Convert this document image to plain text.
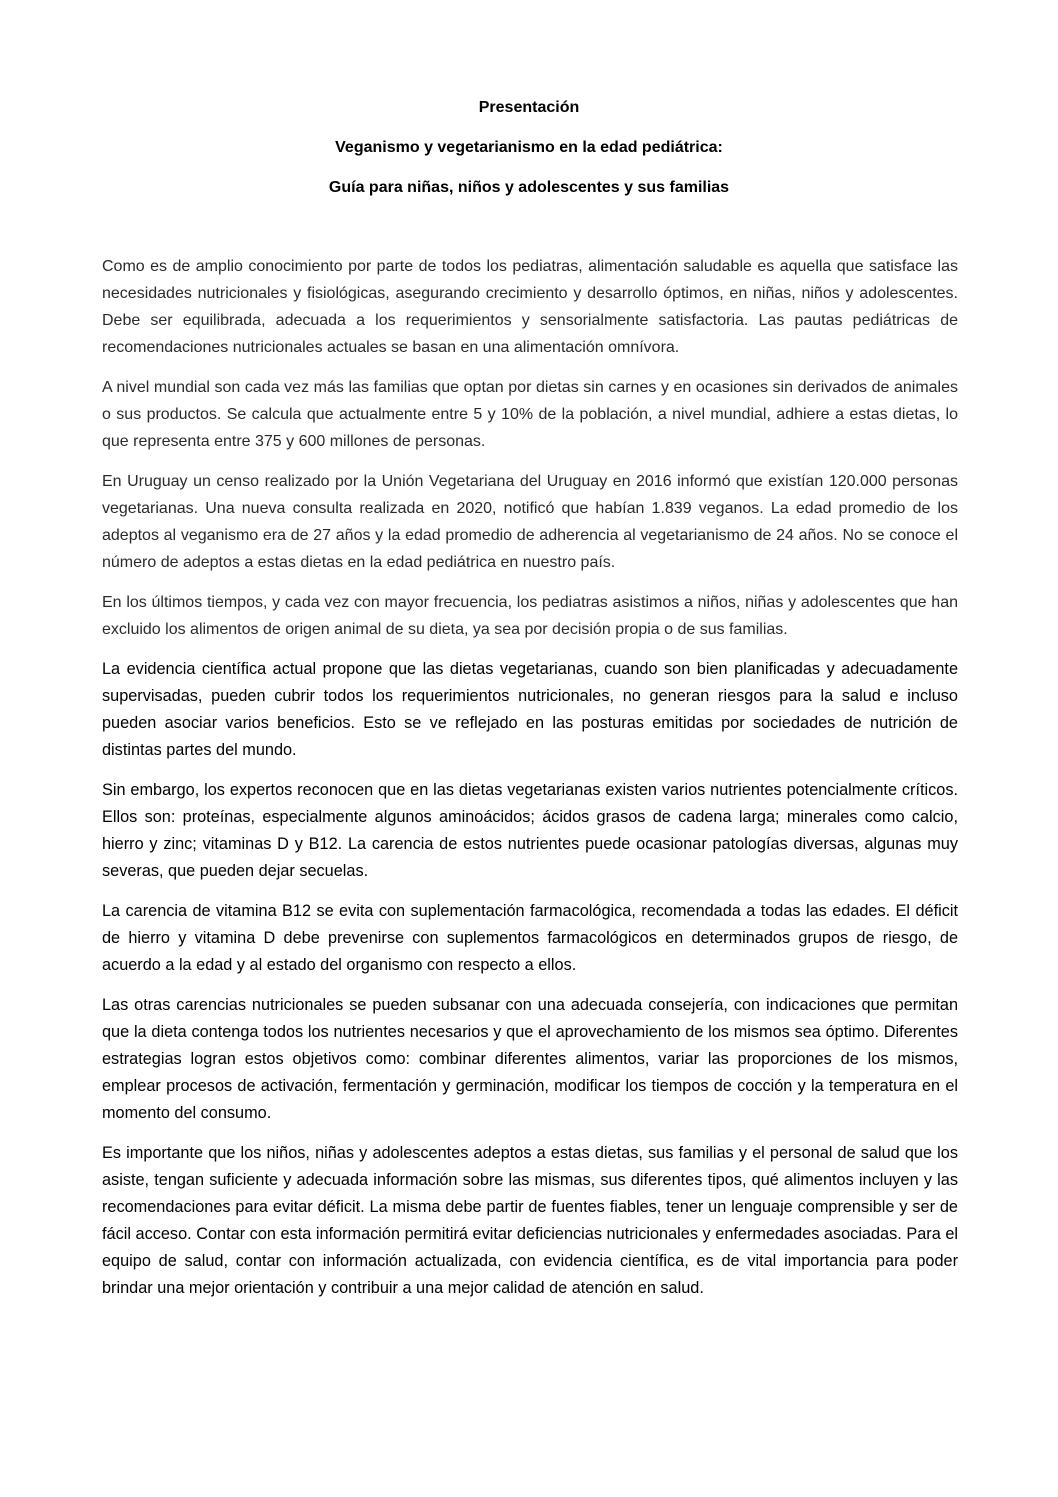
Presentación
Veganismo y vegetarianismo en la edad pediátrica:
Guía para niñas, niños y adolescentes y sus familias

Como es de amplio conocimiento por parte de todos los pediatras, alimentación saludable es aquella que satisface las necesidades nutricionales y fisiológicas, asegurando crecimiento y desarrollo óptimos, en niñas, niños y adolescentes. Debe ser equilibrada, adecuada a los requerimientos y sensorialmente satisfactoria. Las pautas pediátricas de recomendaciones nutricionales actuales se basan en una alimentación omnívora.

A nivel mundial son cada vez más las familias que optan por dietas sin carnes y en ocasiones sin derivados de animales o sus productos. Se calcula que actualmente entre 5 y 10% de la población, a nivel mundial, adhiere a estas dietas, lo que representa entre 375 y 600 millones de personas.

En Uruguay un censo realizado por la Unión Vegetariana del Uruguay en 2016 informó que existían 120.000 personas vegetarianas. Una nueva consulta realizada en 2020, notificó que habían 1.839 veganos. La edad promedio de los adeptos al veganismo era de 27 años y la edad promedio de adherencia al vegetarianismo de 24 años. No se conoce el número de adeptos a estas dietas en la edad pediátrica en nuestro país.

En los últimos tiempos, y cada vez con mayor frecuencia, los pediatras asistimos a niños, niñas y adolescentes que han excluido los alimentos de origen animal de su dieta, ya sea por decisión propia o de sus familias.

La evidencia científica actual propone que las dietas vegetarianas, cuando son bien planificadas y adecuadamente supervisadas, pueden cubrir todos los requerimientos nutricionales, no generan riesgos para la salud e incluso pueden asociar varios beneficios. Esto se ve reflejado en las posturas emitidas por sociedades de nutrición de distintas partes del mundo.

Sin embargo, los expertos reconocen que en las dietas vegetarianas existen varios nutrientes potencialmente críticos. Ellos son: proteínas, especialmente algunos aminoácidos; ácidos grasos de cadena larga; minerales como calcio, hierro y zinc; vitaminas D y B12. La carencia de estos nutrientes puede ocasionar patologías diversas, algunas muy severas, que pueden dejar secuelas.

La carencia de vitamina B12 se evita con suplementación farmacológica, recomendada a todas las edades. El déficit de hierro y vitamina D debe prevenirse con suplementos farmacológicos en determinados grupos de riesgo, de acuerdo a la edad y al estado del organismo con respecto a ellos.

Las otras carencias nutricionales se pueden subsanar con una adecuada consejería, con indicaciones que permitan que la dieta contenga todos los nutrientes necesarios y que el aprovechamiento de los mismos sea óptimo. Diferentes estrategias logran estos objetivos como: combinar diferentes alimentos, variar las proporciones de los mismos, emplear procesos de activación, fermentación y germinación, modificar los tiempos de cocción y la temperatura en el momento del consumo.

Es importante que los niños, niñas y adolescentes adeptos a estas dietas, sus familias y el personal de salud que los asiste, tengan suficiente y adecuada información sobre las mismas, sus diferentes tipos, qué alimentos incluyen y las recomendaciones para evitar déficit. La misma debe partir de fuentes fiables, tener un lenguaje comprensible y ser de fácil acceso. Contar con esta información permitirá evitar deficiencias nutricionales y enfermedades asociadas. Para el equipo de salud, contar con información actualizada, con evidencia científica, es de vital importancia para poder brindar una mejor orientación y contribuir a una mejor calidad de atención en salud.
